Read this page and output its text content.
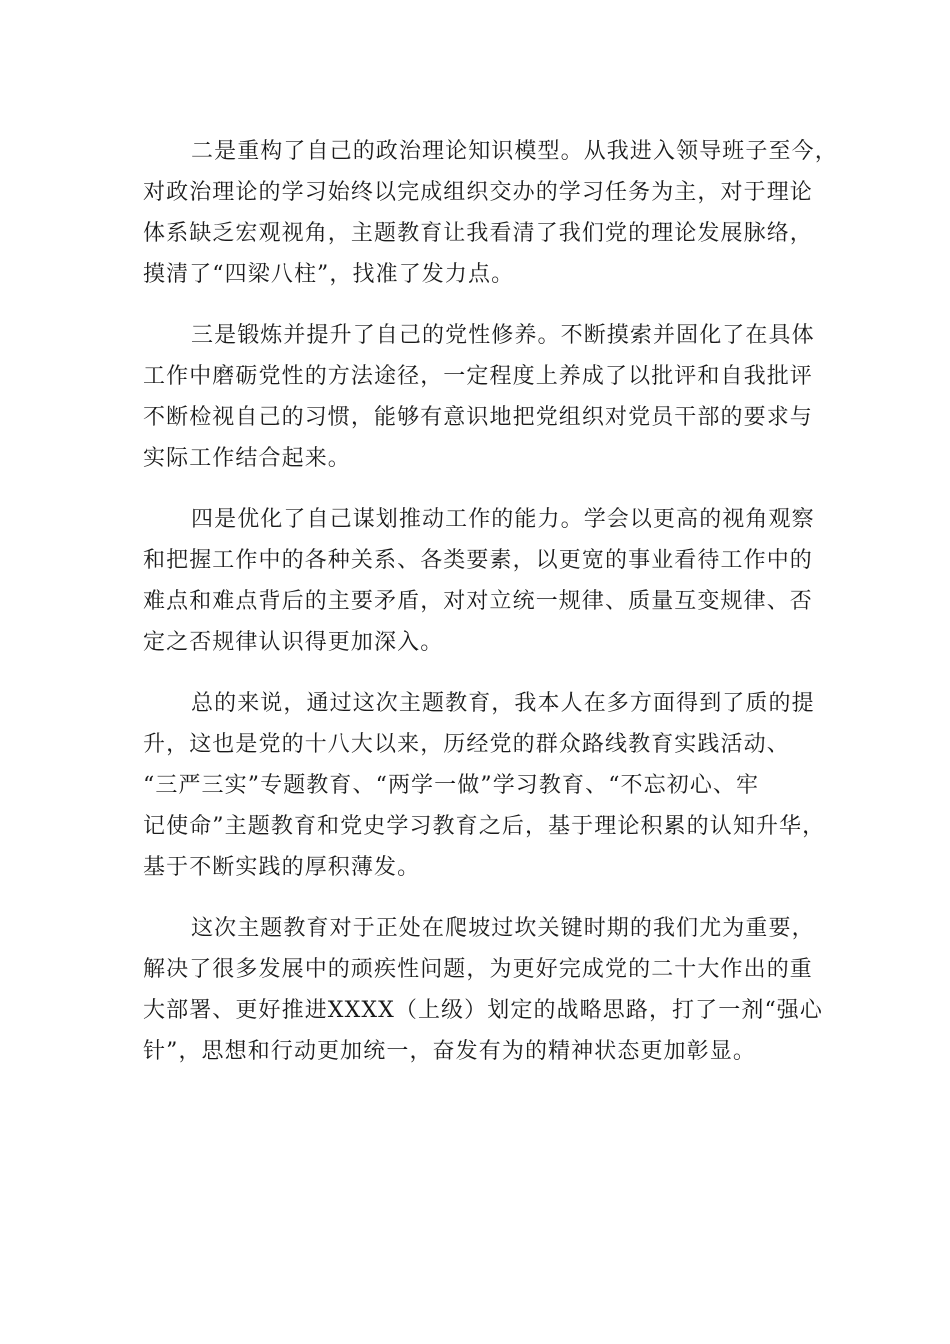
二是重构了自己的政治理论知识模型。从我进入领导班子至今，
对政治理论的学习始终以完成组织交办的学习任务为主，对于理论
体系缺乏宏观视角，主题教育让我看清了我们党的理论发展脉络，
摸清了“四梁八柱”，找准了发力点。
三是锻炼并提升了自己的党性修养。不断摸索并固化了在具体
工作中磨砺党性的方法途径，一定程度上养成了以批评和自我批评
不断检视自己的习惯，能够有意识地把党组织对党员干部的要求与
实际工作结合起来。
四是优化了自己谋划推动工作的能力。学会以更高的视角观察
和把握工作中的各种关系、各类要素，以更宽的事业看待工作中的
难点和难点背后的主要矛盾，对对立统一规律、质量互变规律、否
定之否规律认识得更加深入。
总的来说，通过这次主题教育，我本人在多方面得到了质的提
升，这也是党的十八大以来，历经党的群众路线教育实践活动、
“三严三实”专题教育、“两学一做”学习教育、“不忘初心、牢
记使命”主题教育和党史学习教育之后，基于理论积累的认知升华，
基于不断实践的厚积薄发。
这次主题教育对于正处在爬坡过坎关键时期的我们尤为重要，
解决了很多发展中的顽疾性问题，为更好完成党的二十大作出的重
大部署、更好推进XXXX（上级）划定的战略思路，打了一剂“强心
针”，思想和行动更加统一，奋发有为的精神状态更加彰显。
